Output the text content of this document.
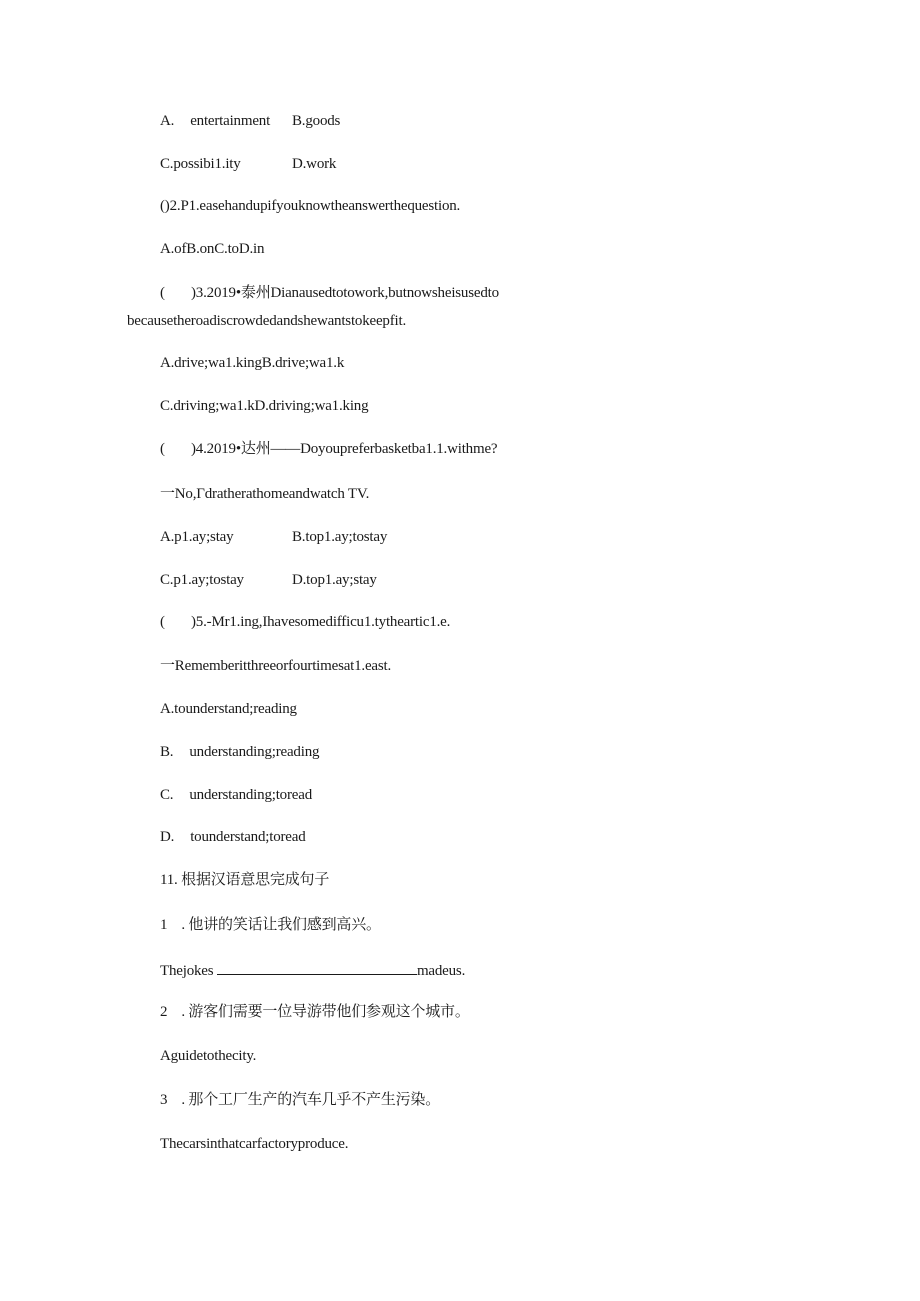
A. entertainment B.goods
C.possibi1.ity	D.work
()2.P1.easehandupifyouknowtheanswerthequestion.
A.ofB.onC.toD.in
( )3.2019•泰州Dianausedtotowork,butnowsheisusedto
becausetheroadiscrowdedandshewantstokeepfit.
A.drive;wa1.kingB.drive;wa1.k
C.driving;wa1.kD.driving;wa1.king
( )4.2019•达州——Doyoupreferbasketba1.1.withme?
一No,Γdratherathomeandwatch TV.
A.p1.ay;stay	B.top1.ay;tostay
C.p1.ay;tostay	D.top1.ay;stay
( )5.-Mr1.ing,Ihavesomedifficu1.tytheartic1.e.
一Rememberitthreeorfourtimesat1.east.
A.tounderstand;reading
B. understanding;reading
C. understanding;toread
D. tounderstand;toread
11. 根据汉语意思完成句子
1 . 他讲的笑话让我们感到高兴。
Thejokes	madeus.
2 . 游客们需要一位导游带他们参观这个城市。
Aguidetothecity.
3 . 那个工厂生产的汽车几乎不产生污染。
Thecarsinthatcarfactoryproduce.
